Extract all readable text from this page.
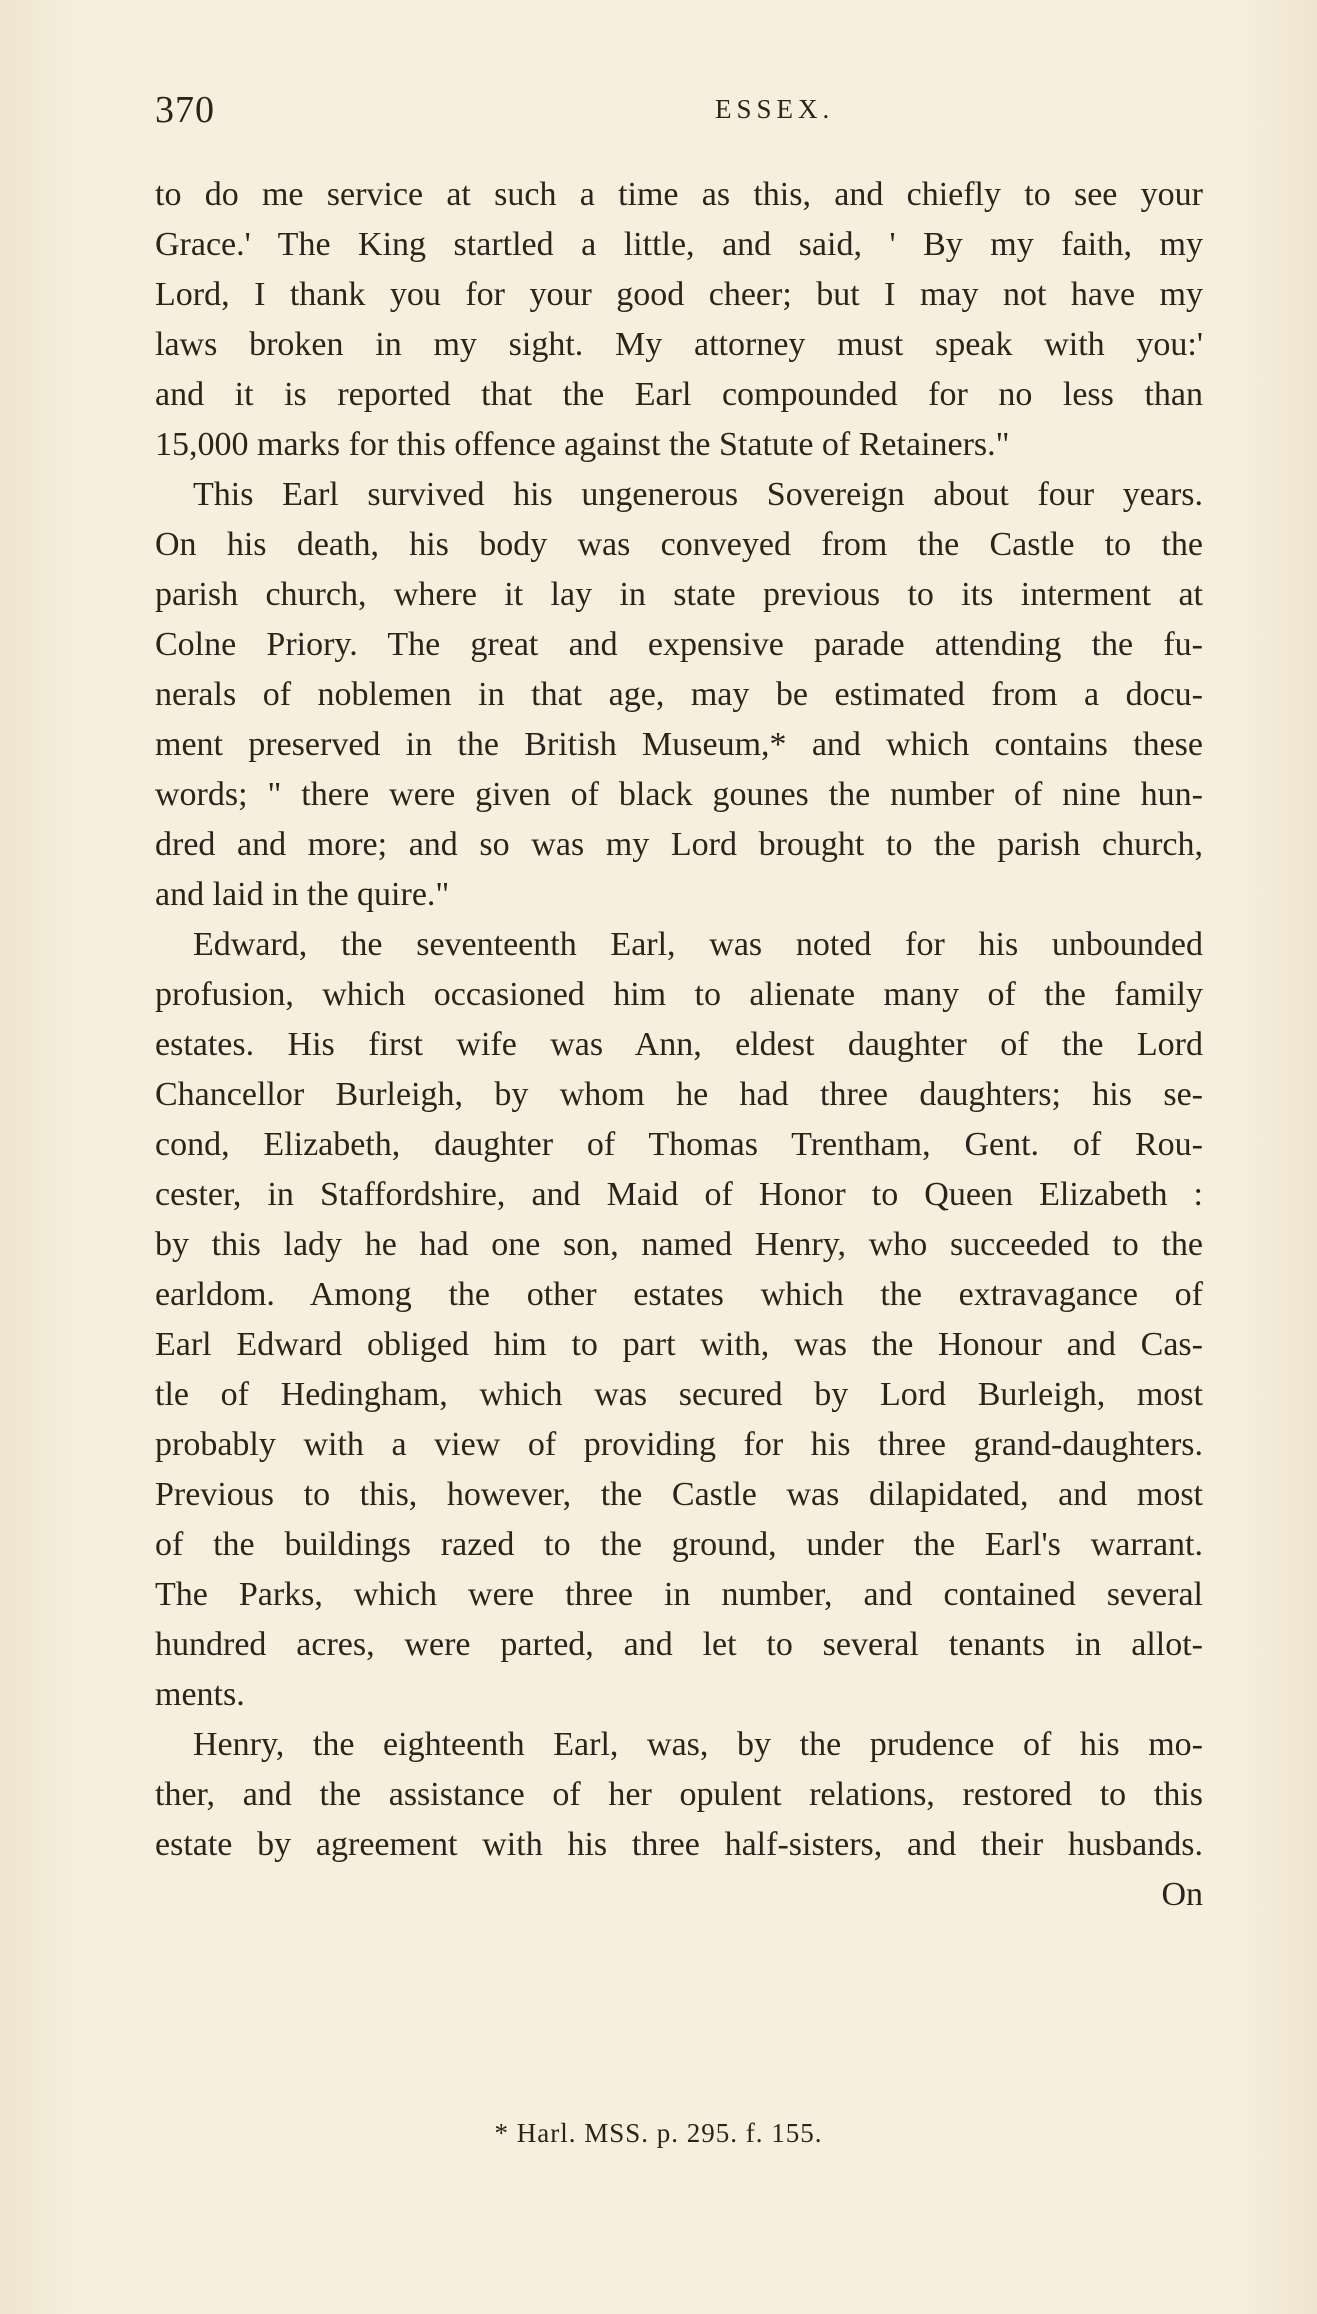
370	ESSEX.
to do me service at such a time as this, and chiefly to see your
Grace.' The King startled a little, and said, ' By my faith, my
Lord, I thank you for your good cheer; but I may not have my
laws broken in my sight. My attorney must speak with you:'
and it is reported that the Earl compounded for no less than
15,000 marks for this offence against the Statute of Retainers."
This Earl survived his ungenerous Sovereign about four years.
On his death, his body was conveyed from the Castle to the
parish church, where it lay in state previous to its interment at
Colne Priory. The great and expensive parade attending the fu-
nerals of noblemen in that age, may be estimated from a docu-
ment preserved in the British Museum,* and which contains these
words; " there were given of black gounes the number of nine hun-
dred and more; and so was my Lord brought to the parish church,
and laid in the quire."
Edward, the seventeenth Earl, was noted for his unbounded
profusion, which occasioned him to alienate many of the family
estates. His first wife was Ann, eldest daughter of the Lord
Chancellor Burleigh, by whom he had three daughters; his se-
cond, Elizabeth, daughter of Thomas Trentham, Gent. of Rou-
cester, in Staffordshire, and Maid of Honor to Queen Elizabeth :
by this lady he had one son, named Henry, who succeeded to the
earldom. Among the other estates which the extravagance of
Earl Edward obliged him to part with, was the Honour and Cas-
tle of Hedingham, which was secured by Lord Burleigh, most
probably with a view of providing for his three grand-daughters.
Previous to this, however, the Castle was dilapidated, and most
of the buildings razed to the ground, under the Earl's warrant.
The Parks, which were three in number, and contained several
hundred acres, were parted, and let to several tenants in allot-
ments.
Henry, the eighteenth Earl, was, by the prudence of his mo-
ther, and the assistance of her opulent relations, restored to this
estate by agreement with his three half-sisters, and their husbands.
On
* Harl. MSS. p. 295. f. 155.
